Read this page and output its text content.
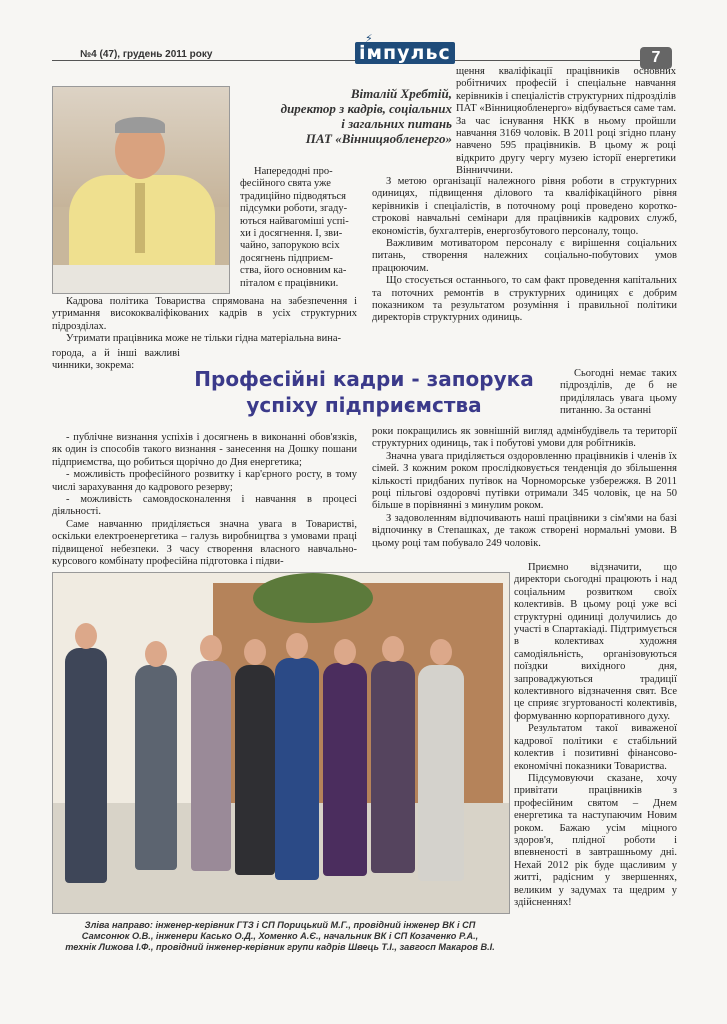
№4 (47), грудень 2011 року
⚡
імпульс	7
Віталій Хребтій,
директор з кадрів, соціальних
і загальних питань
ПАТ «Вінницяобленерго»
Напередодні про-
фесійного свята уже
традиційно підводяться
підсумки роботи, згаду-
ються найвагоміші успі-
хи і досягнення. І, зви-
чайно, запорукою всіх
досягнень підприєм-
ства, його основним ка-
піталом є працівники.

Кадрова політика Товариства спрямована на забезпечення і утримання висококваліфікованих кадрів в усіх структурних підрозділах.

Утримати працівника може не тільки гідна матеріальна вина-

города, а й інші важливі чинники, зокрема:
Професійні кадри - запорука
успіху підприємства

- публічне визнання успіхів і досягнень в виконанні обов'язків, як один із способів такого визнання - занесення на Дошку пошани підприємства, що робиться щорічно до Дня енергетика;

- можливість професійного розвитку і кар'єрного росту, в тому числі зарахування до кадрового резерву;

- можливість самовдосконалення і навчання в процесі діяльності.

Саме навчанню приділяється значна увага в Товаристві, оскільки електроенергетика – галузь виробництва з умовами праці підвищеної небезпеки. З часу створення власного навчально-курсового комбінату професійна підготовка і підви-

щення кваліфікації працівників основних робітничих професій і спеціальне навчання керівників і спеціалістів структурних підрозділів ПАТ «Вінницяобленерго» відбувається саме там. За час існування НКК в ньому пройшли навчання 3169 чоловік. В 2011 році згідно плану навчено 595 працівників. В цьому ж році відкрито другу чергу музею історії енергетики Вінниччини.

З метою організації належного рівня роботи в структурних одиницях, підвищення ділового та кваліфікаційного рівня керівників і спеціалістів, в поточному році проведено короткострокові навчальні семінари для працівників кадрових служб, економістів, бухгалтерів, енергозбутового персоналу, тощо.

Важливим мотиватором персоналу є вирішення соціальних питань, створення належних соціально-побутових умов працюючим.

Що стосується останнього, то сам факт проведення капітальних та поточних ремонтів в структурних одиницях є добрим показником та результатом розуміння і правильної політики директорів структурних одиниць.

Сьогодні немає таких підрозділів, де б не приділялась увага цьому питанню. За останні

роки покращились як зовнішній вигляд адмінбудівель та території структурних одиниць, так і побутові умови для робітників.

Значна увага приділяється оздоровленню працівників і членів їх сімей. З кожним роком прослідковується тенденція до збільшення кількості придбаних путівок на Чорноморське узбережжя. В 2011 році пільгові оздоровчі путівки отримали 345 чоловік, це на 50 більше в порівнянні з минулим роком.

З задоволенням відпочивають наші працівники з сім'ями на базі відпочинку в Степашках, де також створені нормальні умови. В цьому році там побувало 249 чоловік.

Приємно відзначити, що директори сьогодні працюють і над соціальним розвитком своїх колективів. В цьому році уже всі структурні одиниці долучились до участі в Спартакіаді. Підтримується в колективах художня самодіяльність, організовуються поїздки вихідного дня, запроваджуються традиції колективного відзначення свят. Все це сприяє згуртованості колективів, формуванню корпоративного духу.

Результатом такої виваженої кадрової політики є стабільний колектив і позитивні фінансово-економічні показники Товариства.

Підсумовуючи сказане, хочу привітати працівників з професійним святом – Днем енергетика та наступаючим Новим роком. Бажаю усім міцного здоров'я, плідної роботи і впевненості в завтрашньому дні. Нехай 2012 рік буде щасливим у житті, радісним у звершеннях, великим у задумах та щедрим у здійсненнях!

Зліва направо: інженер-керівник ГТЗ і СП Порицький М.Г., провідний інженер ВК і СП
Самсонюк О.В., інженери Касько О.Д., Хоменко А.Є., начальник ВК і СП Козаченко Р.А.,
технік Лижова І.Ф., провідний інженер-керівник групи кадрів Швець Т.І., завгосп Макаров В.І.
